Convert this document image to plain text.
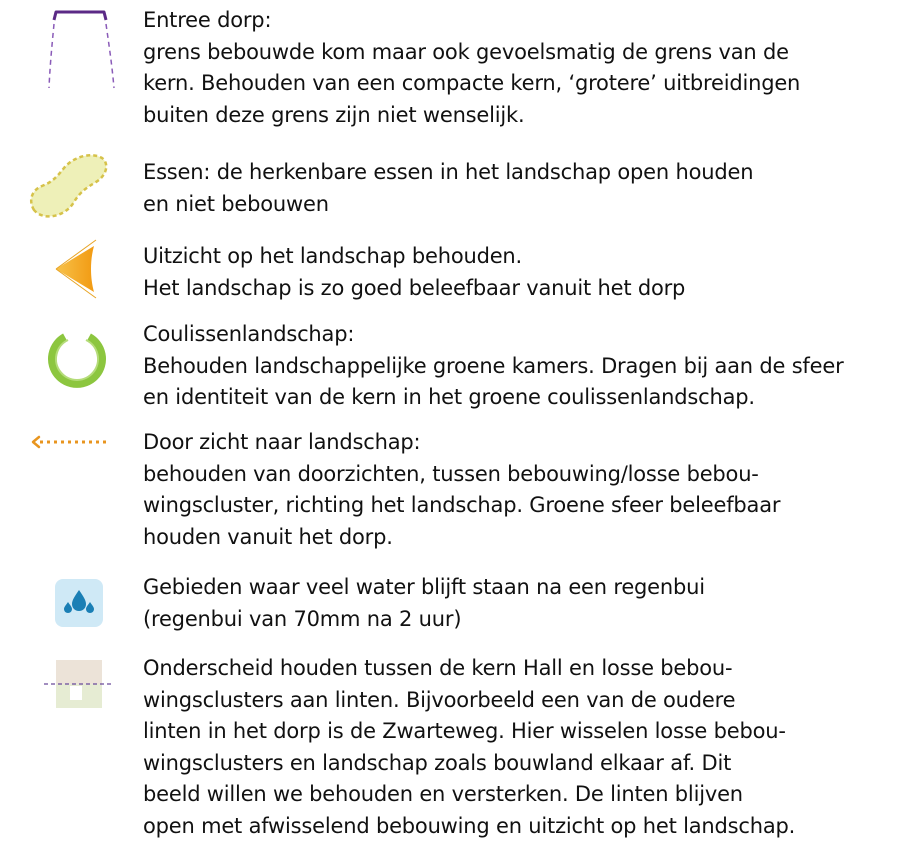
Entree dorp:
grens bebouwde kom maar ook gevoelsmatig de grens van de
kern. Behouden van een compacte kern, ‘grotere’ uitbreidingen
buiten deze grens zijn niet wenselijk.

Essen: de herkenbare essen in het landschap open houden
en niet bebouwen

Uitzicht op het landschap behouden.
Het landschap is zo goed beleefbaar vanuit het dorp

Coulissenlandschap:
Behouden landschappelijke groene kamers. Dragen bij aan de sfeer
en identiteit van de kern in het groene coulissenlandschap.

Door zicht naar landschap:
behouden van doorzichten, tussen bebouwing/losse bebou-
wingscluster, richting het landschap. Groene sfeer beleefbaar
houden vanuit het dorp.

Gebieden waar veel water blijft staan na een regenbui
(regenbui van 70mm na 2 uur)

Onderscheid houden tussen de kern Hall en losse bebou-
wingsclusters aan linten. Bijvoorbeeld een van de oudere
linten in het dorp is de Zwarteweg. Hier wisselen losse bebou-
wingsclusters en landschap zoals bouwland elkaar af. Dit
beeld willen we behouden en versterken. De linten blijven
open met afwisselend bebouwing en uitzicht op het landschap.
